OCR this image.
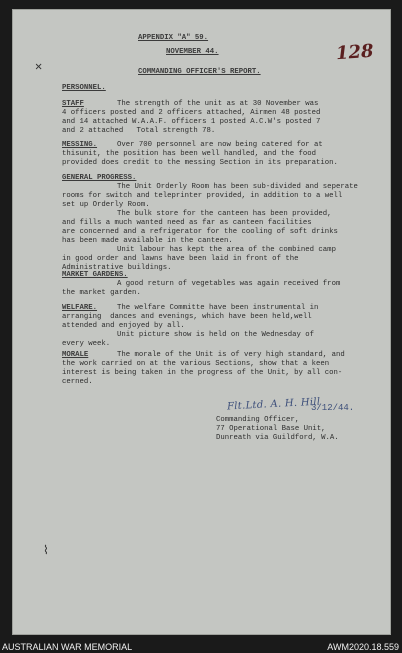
✕
⌇
128
APPENDIX "A" 59.
NOVEMBER 44.
COMMANDING OFFICER'S REPORT.
PERSONNEL.
STAFF	The strength of the unit as at 30 November was
4 officers posted and 2 officers attached, Airmen 48 posted
and 14 attached W.A.A.F. officers 1 posted A.C.W's posted 7
and 2 attached   Total strength 78.
MESSING.	Over 700 personnel are now being catered for at
thisunit, the position has been well handled, and the food
provided does credit to the messing Section in its preparation.
GENERAL PROGRESS.
The Unit Orderly Room has been sub-divided and seperate
rooms for switch and teleprinter provided, in addition to a well
set up Orderly Room.
The bulk store for the canteen has been provided,
and fills a much wanted need as far as canteen facilities
are concerned and a refrigerator for the cooling of soft drinks
has been made available in the canteen.
Unit labour has kept the area of the combined camp
in good order and lawns have been laid in front of the
Administrative buildings.
MARKET GARDENS.
A good return of vegetables was again received from
the market garden.
WELFARE.	The welfare Committe have been instrumental in
arranging  dances and evenings, which have been held,well
attended and enjoyed by all.
Unit picture show is held on the Wednesday of
every week.
MORALE	The morale of the Unit is of very high standard, and
the work carried on at the various Sections, show that a keen
interest is being taken in the progress of the Unit, by all con-
cerned.
Flt.Ltd. A. H. Hill
3/12/44.
Commanding Officer,
77 Operational Base Unit,
Dunreath via Guildford, W.A.
AUSTRALIAN WAR MEMORIAL	AWM2020.18.559
